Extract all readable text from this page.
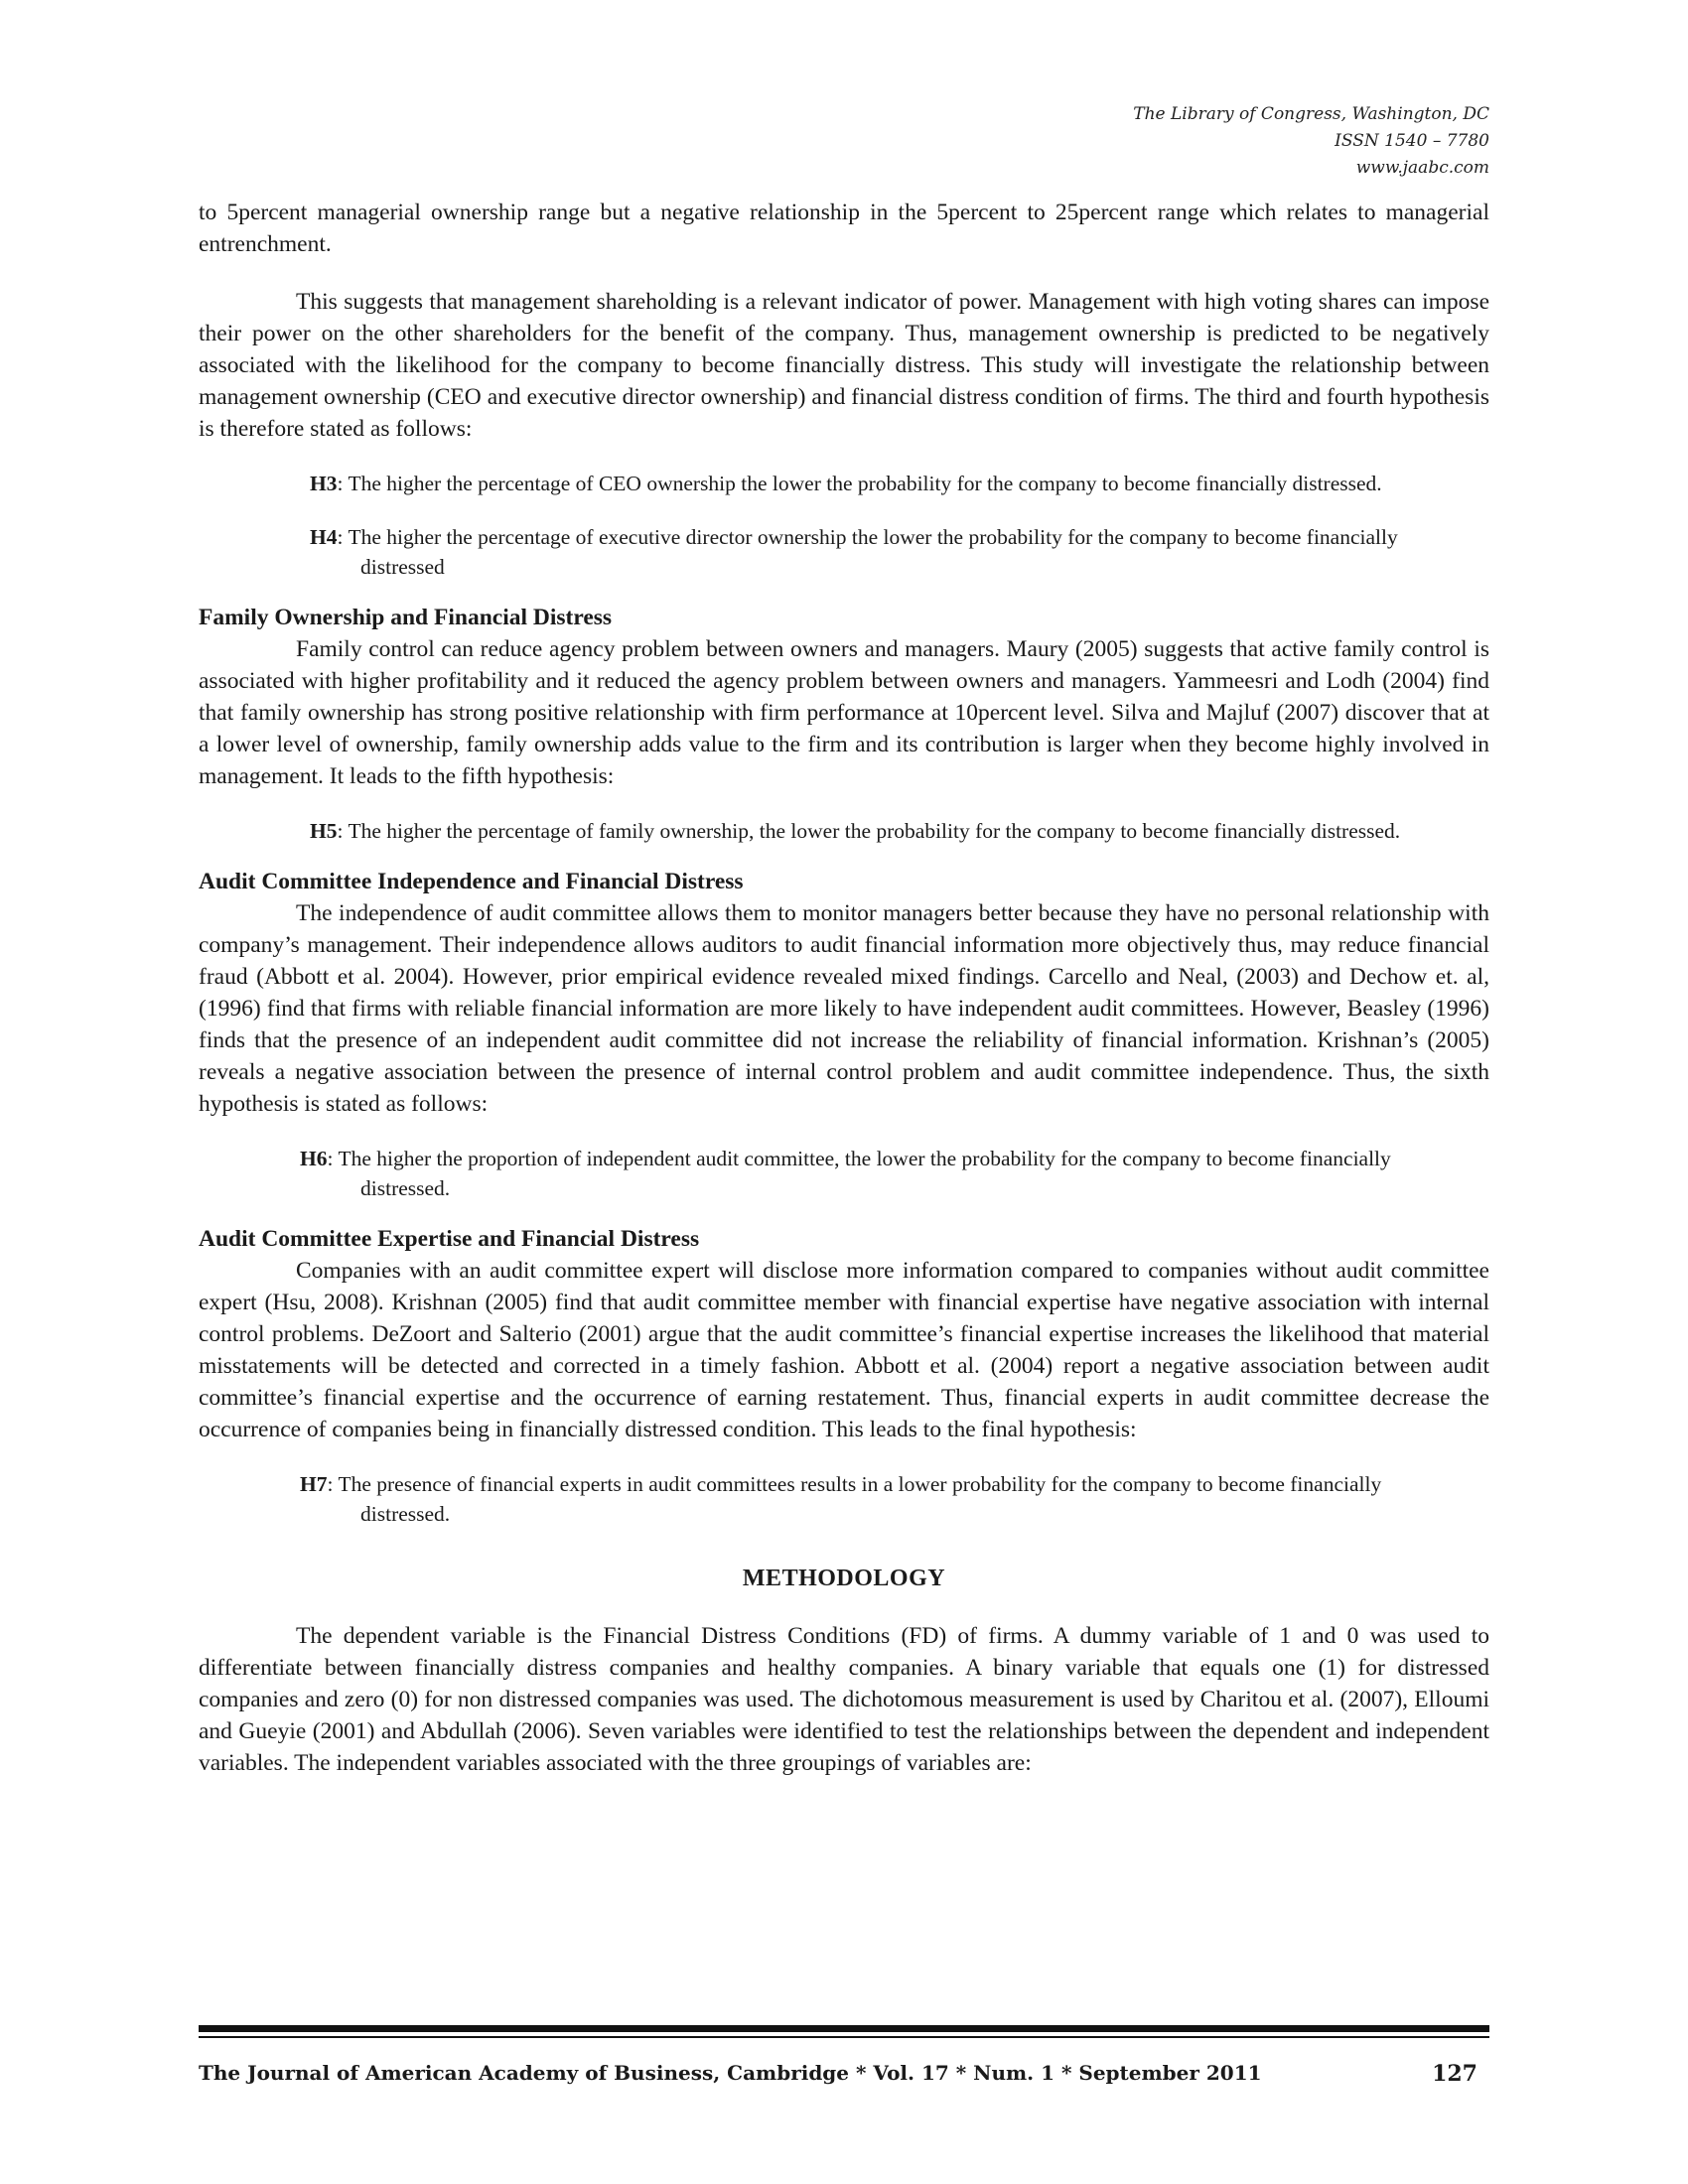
The Library of Congress, Washington, DC
ISSN 1540 – 7780
www.jaabc.com

to 5percent managerial ownership range but a negative relationship in the 5percent to 25percent range which relates to managerial entrenchment.

This suggests that management shareholding is a relevant indicator of power. Management with high voting shares can impose their power on the other shareholders for the benefit of the company. Thus, management ownership is predicted to be negatively associated with the likelihood for the company to become financially distress. This study will investigate the relationship between management ownership (CEO and executive director ownership) and financial distress condition of firms. The third and fourth hypothesis is therefore stated as follows:

H3: The higher the percentage of CEO ownership the lower the probability for the company to become financially distressed.

H4: The higher the percentage of executive director ownership the lower the probability for the company to become financially distressed

Family Ownership and Financial Distress

Family control can reduce agency problem between owners and managers. Maury (2005) suggests that active family control is associated with higher profitability and it reduced the agency problem between owners and managers. Yammeesri and Lodh (2004) find that family ownership has strong positive relationship with firm performance at 10percent level. Silva and Majluf (2007) discover that at a lower level of ownership, family ownership adds value to the firm and its contribution is larger when they become highly involved in management. It leads to the fifth hypothesis:

H5: The higher the percentage of family ownership, the lower the probability for the company to become financially distressed.

Audit Committee Independence and Financial Distress

The independence of audit committee allows them to monitor managers better because they have no personal relationship with company’s management. Their independence allows auditors to audit financial information more objectively thus, may reduce financial fraud (Abbott et al. 2004). However, prior empirical evidence revealed mixed findings. Carcello and Neal, (2003) and Dechow et. al, (1996) find that firms with reliable financial information are more likely to have independent audit committees. However, Beasley (1996) finds that the presence of an independent audit committee did not increase the reliability of financial information. Krishnan’s (2005) reveals a negative association between the presence of internal control problem and audit committee independence. Thus, the sixth hypothesis is stated as follows:

H6: The higher the proportion of independent audit committee, the lower the probability for the company to become financially distressed.

Audit Committee Expertise and Financial Distress

Companies with an audit committee expert will disclose more information compared to companies without audit committee expert (Hsu, 2008). Krishnan (2005) find that audit committee member with financial expertise have negative association with internal control problems. DeZoort and Salterio (2001) argue that the audit committee’s financial expertise increases the likelihood that material misstatements will be detected and corrected in a timely fashion. Abbott et al. (2004) report a negative association between audit committee’s financial expertise and the occurrence of earning restatement. Thus, financial experts in audit committee decrease the occurrence of companies being in financially distressed condition. This leads to the final hypothesis:

H7: The presence of financial experts in audit committees results in a lower probability for the company to become financially distressed.

METHODOLOGY

The dependent variable is the Financial Distress Conditions (FD) of firms. A dummy variable of 1 and 0 was used to differentiate between financially distress companies and healthy companies. A binary variable that equals one (1) for distressed companies and zero (0) for non distressed companies was used. The dichotomous measurement is used by Charitou et al. (2007), Elloumi and Gueyie (2001) and Abdullah (2006). Seven variables were identified to test the relationships between the dependent and independent variables. The independent variables associated with the three groupings of variables are:

The Journal of American Academy of Business, Cambridge * Vol. 17 * Num. 1 * September 2011	127
